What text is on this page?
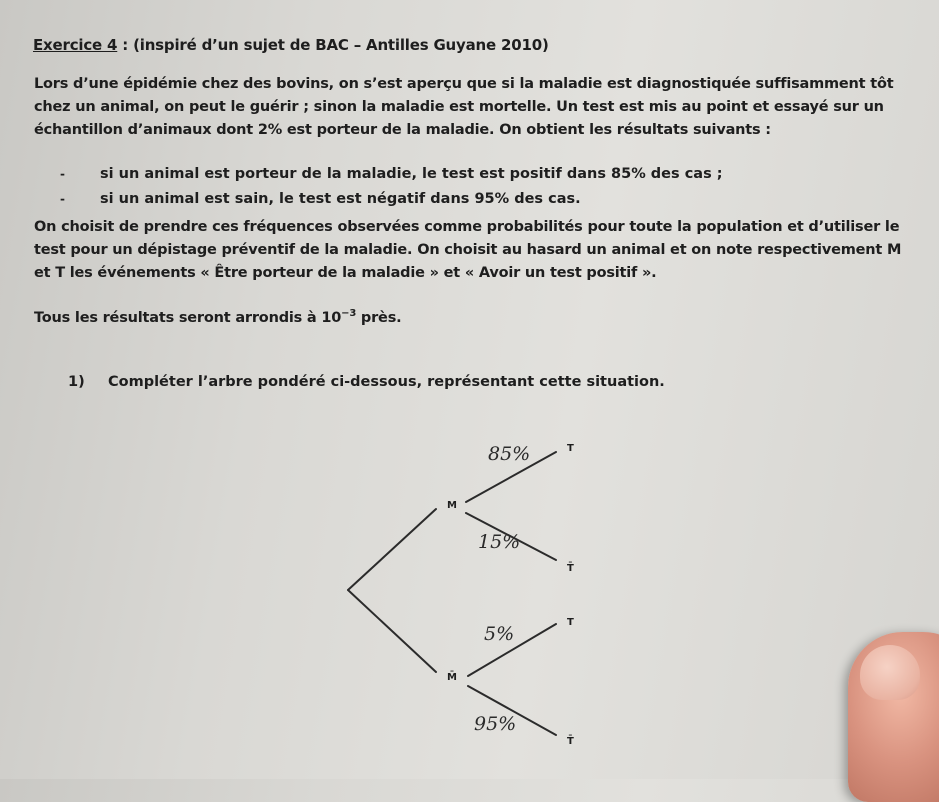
Exercice 4 : (inspiré d’un sujet de BAC – Antilles Guyane 2010)
Lors d’une épidémie chez des bovins, on s’est aperçu que si la maladie est diagnostiquée suffisamment tôt chez un animal, on peut le guérir ; sinon la maladie est mortelle. Un test est mis au point et essayé sur un échantillon d’animaux dont 2% est porteur de la maladie. On obtient les résultats suivants :
-	si un animal est porteur de la maladie, le test est positif dans 85% des cas ;
-	si un animal est sain, le test est négatif dans 95% des cas.
On choisit de prendre ces fréquences observées comme probabilités pour toute la population et d’utiliser le test pour un dépistage préventif de la maladie. On choisit au hasard un animal et on note respectivement M et T les événements « Être porteur de la maladie » et « Avoir un test positif ».
Tous les résultats seront arrondis à $10^{-3}$ près.
1) Compléter l’arbre pondéré ci-dessous, représentant cette situation.
M
M̄
T
T̄
T
T̄
85%
15%
5%
95%
